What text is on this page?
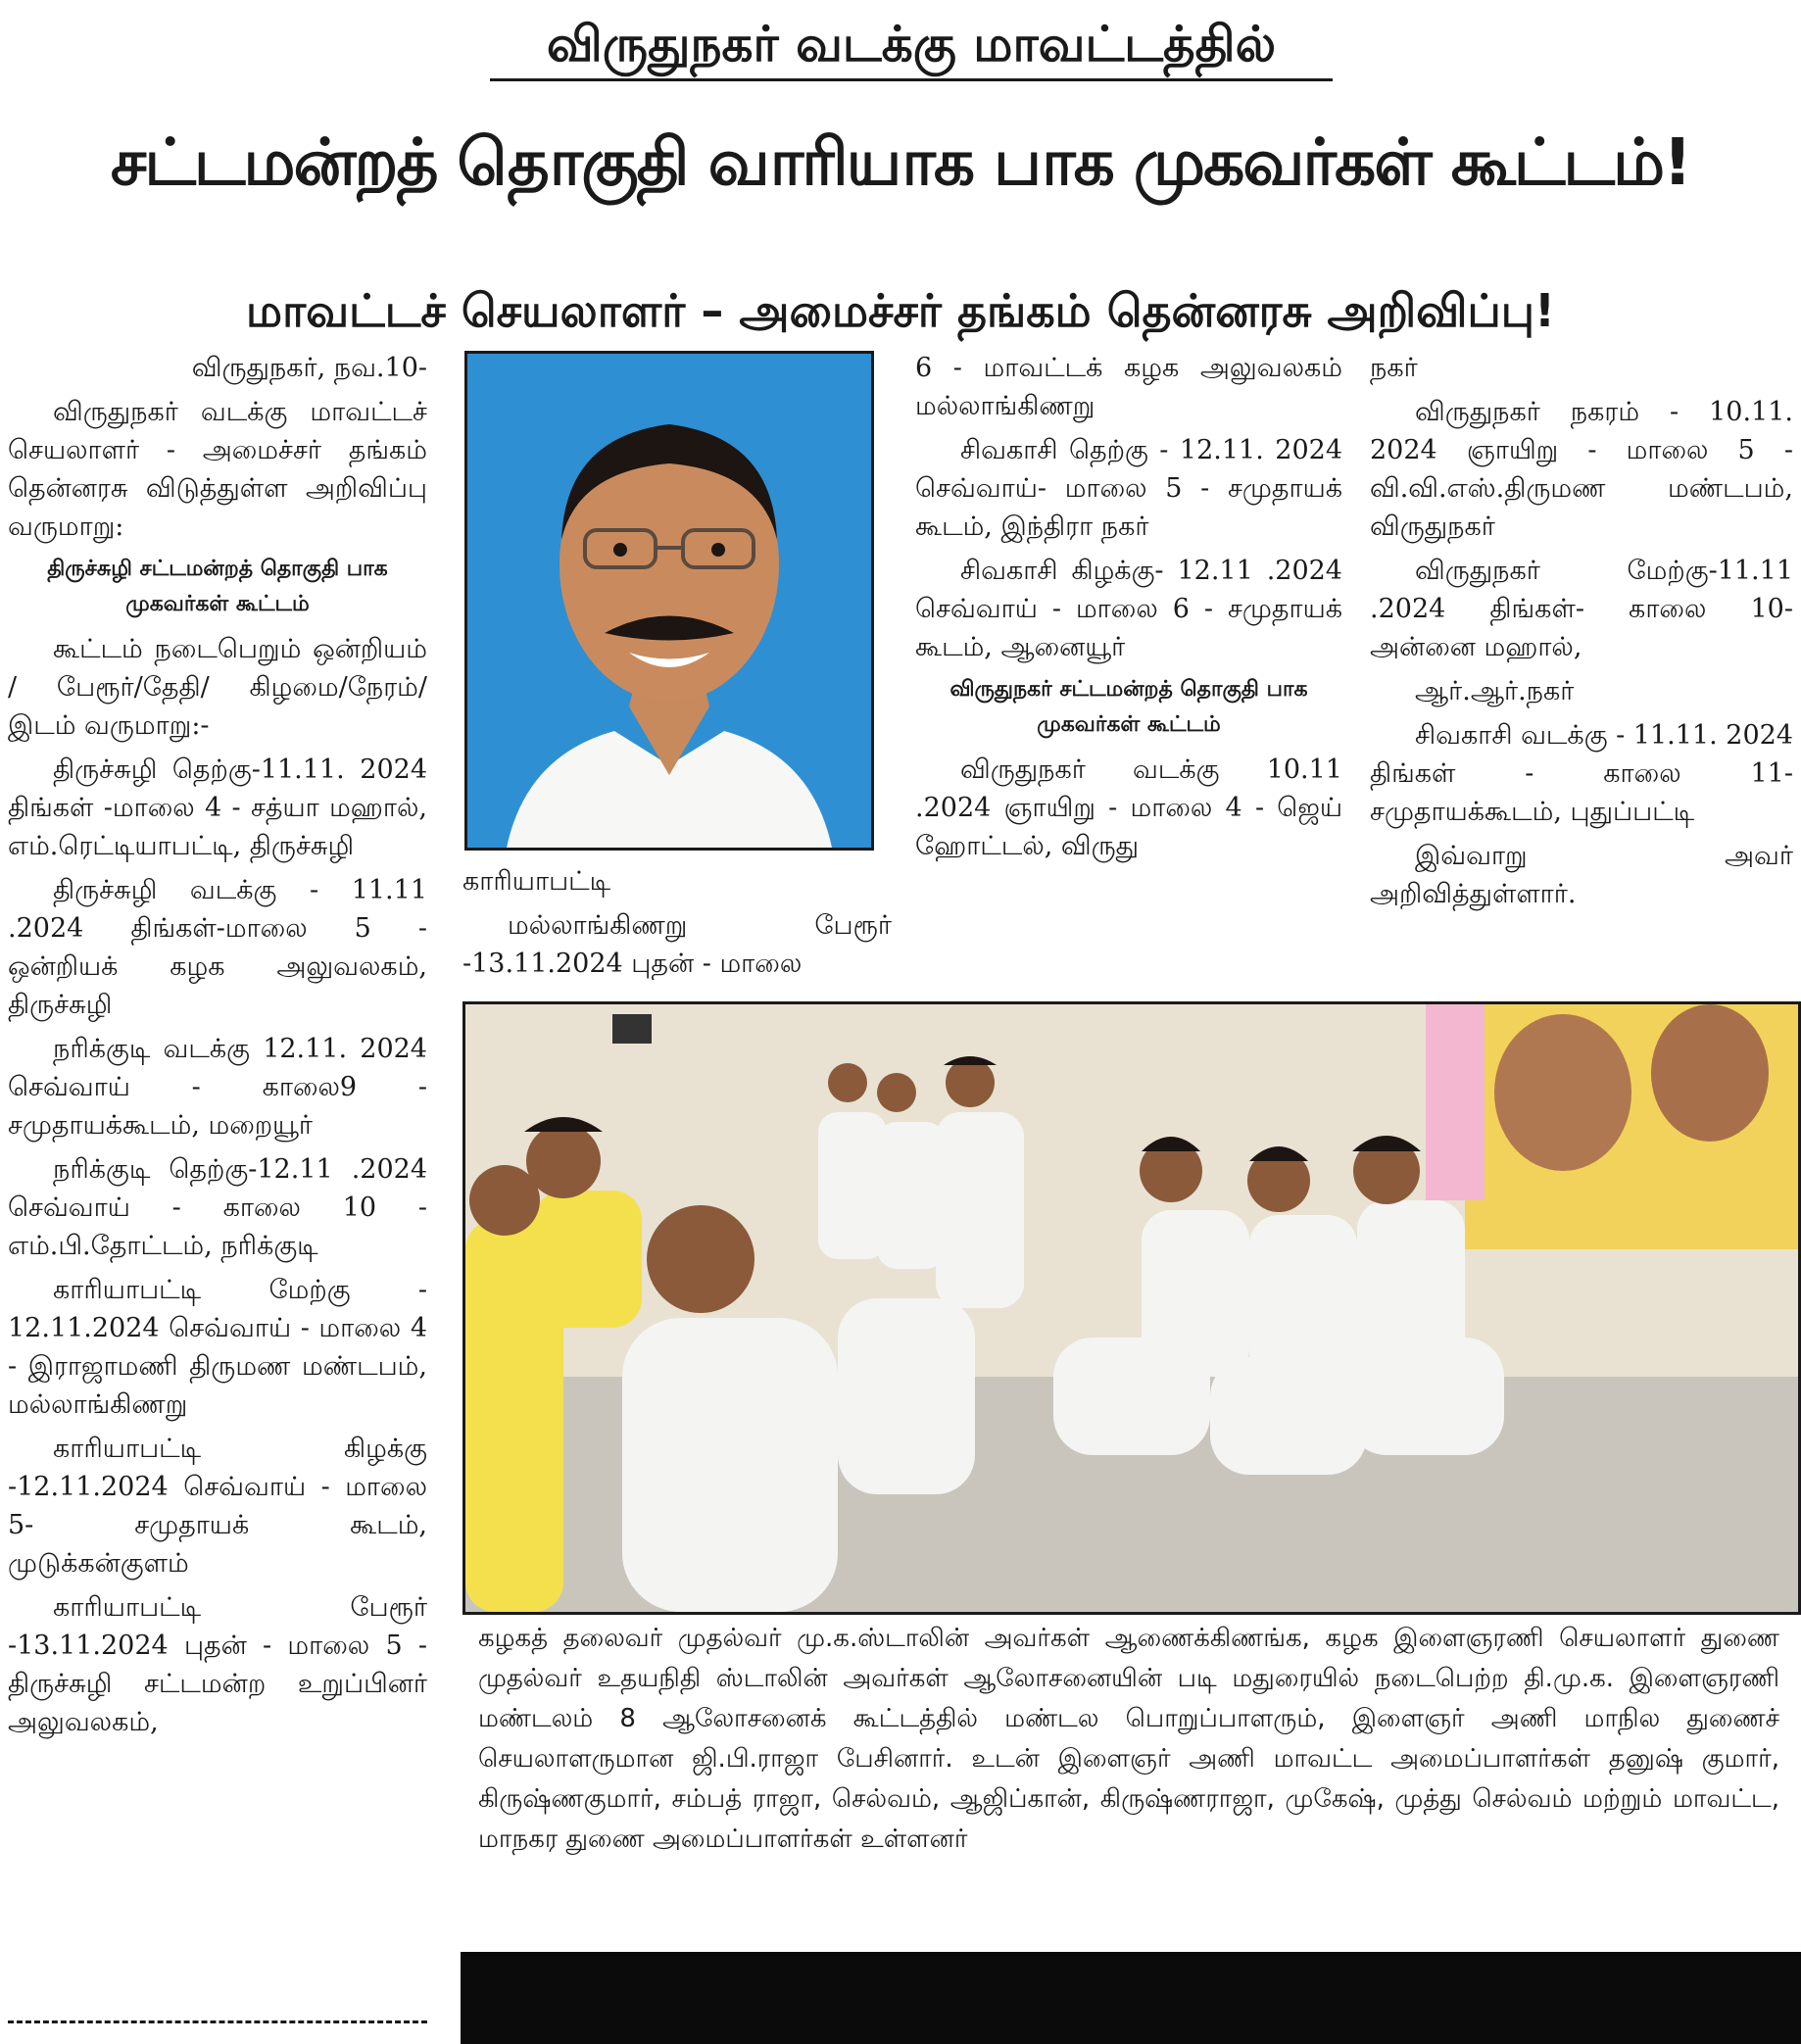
விருதுநகர் வடக்கு மாவட்டத்தில்
சட்டமன்றத் தொகுதி வாரியாக பாக முகவர்கள் கூட்டம்!
மாவட்டச் செயலாளர் – அமைச்சர் தங்கம் தென்னரசு அறிவிப்பு!

விருதுநகர், நவ.10-

விருதுநகர் வடக்கு மாவட்டச் செயலாளர் - அமைச்சர் தங்கம் தென்னரசு விடுத்துள்ள அறிவிப்பு வருமாறு:

திருச்சுழி சட்டமன்றத் தொகுதி பாக முகவர்கள் கூட்டம்

கூட்டம் நடைபெறும் ஒன்றியம் / பேரூர்/தேதி/ கிழமை/நேரம்/ இடம் வருமாறு:-

திருச்சுழி தெற்கு-11.11. 2024 திங்கள் -மாலை 4 - சத்யா மஹால், எம்.ரெட்டியாபட்டி, திருச்சுழி

திருச்சுழி வடக்கு - 11.11 .2024 திங்கள்-மாலை 5 - ஒன்றியக் கழக அலுவலகம், திருச்சுழி

நரிக்குடி வடக்கு 12.11. 2024 செவ்வாய் - காலை9 - சமுதாயக்கூடம், மறையூர்

நரிக்குடி தெற்கு-12.11 .2024 செவ்வாய் - காலை 10 - எம்.பி.தோட்டம், நரிக்குடி

காரியாபட்டி மேற்கு - 12.11.2024 செவ்வாய் - மாலை 4 - இராஜாமணி திருமண மண்டபம், மல்லாங்கிணறு

காரியாபட்டி கிழக்கு -12.11.2024 செவ்வாய் - மாலை 5- சமுதாயக் கூடம், முடுக்கன்குளம்

காரியாபட்டி பேரூர் -13.11.2024 புதன் - மாலை 5 - திருச்சுழி சட்டமன்ற உறுப்பினர் அலுவலகம்,

காரியாபட்டி

மல்லாங்கிணறு பேரூர் -13.11.2024 புதன் - மாலை

6 - மாவட்டக் கழக அலுவலகம் மல்லாங்கிணறு

சிவகாசி தெற்கு - 12.11. 2024 செவ்வாய்- மாலை 5 - சமுதாயக் கூடம், இந்திரா நகர்

சிவகாசி கிழக்கு- 12.11 .2024 செவ்வாய் - மாலை 6 - சமுதாயக் கூடம், ஆனையூர்

விருதுநகர் சட்டமன்றத் தொகுதி பாக முகவர்கள் கூட்டம்

விருதுநகர் வடக்கு 10.11 .2024 ஞாயிறு - மாலை 4 - ஜெய் ஹோட்டல், விருது

நகர்

விருதுநகர் நகரம் - 10.11. 2024 ஞாயிறு - மாலை 5 - வி.வி.எஸ்.திருமண மண்டபம், விருதுநகர்

விருதுநகர் மேற்கு-11.11 .2024 திங்கள்- காலை 10- அன்னை மஹால்,

ஆர்.ஆர்.நகர்

சிவகாசி வடக்கு - 11.11. 2024 திங்கள் - காலை 11- சமுதாயக்கூடம், புதுப்பட்டி

இவ்வாறு அவர் அறிவித்துள்ளார்.

கழகத் தலைவர் முதல்வர் மு.க.ஸ்டாலின் அவர்கள் ஆணைக்கிணங்க, கழக இளைஞரணி செயலாளர் துணை முதல்வர் உதயநிதி ஸ்டாலின் அவர்கள் ஆலோசனையின் படி மதுரையில் நடைபெற்ற தி.மு.க. இளைஞரணி மண்டலம் 8 ஆலோசனைக் கூட்டத்தில் மண்டல பொறுப்பாளரும், இளைஞர் அணி மாநில துணைச் செயலாளருமான ஜி.பி.ராஜா பேசினார். உடன் இளைஞர் அணி மாவட்ட அமைப்பாளர்கள் தனுஷ் குமார், கிருஷ்ணகுமார், சம்பத் ராஜா, செல்வம், ஆஜிப்கான், கிருஷ்ணராஜா, முகேஷ், முத்து செல்வம் மற்றும் மாவட்ட, மாநகர துணை அமைப்பாளர்கள் உள்ளனர்
